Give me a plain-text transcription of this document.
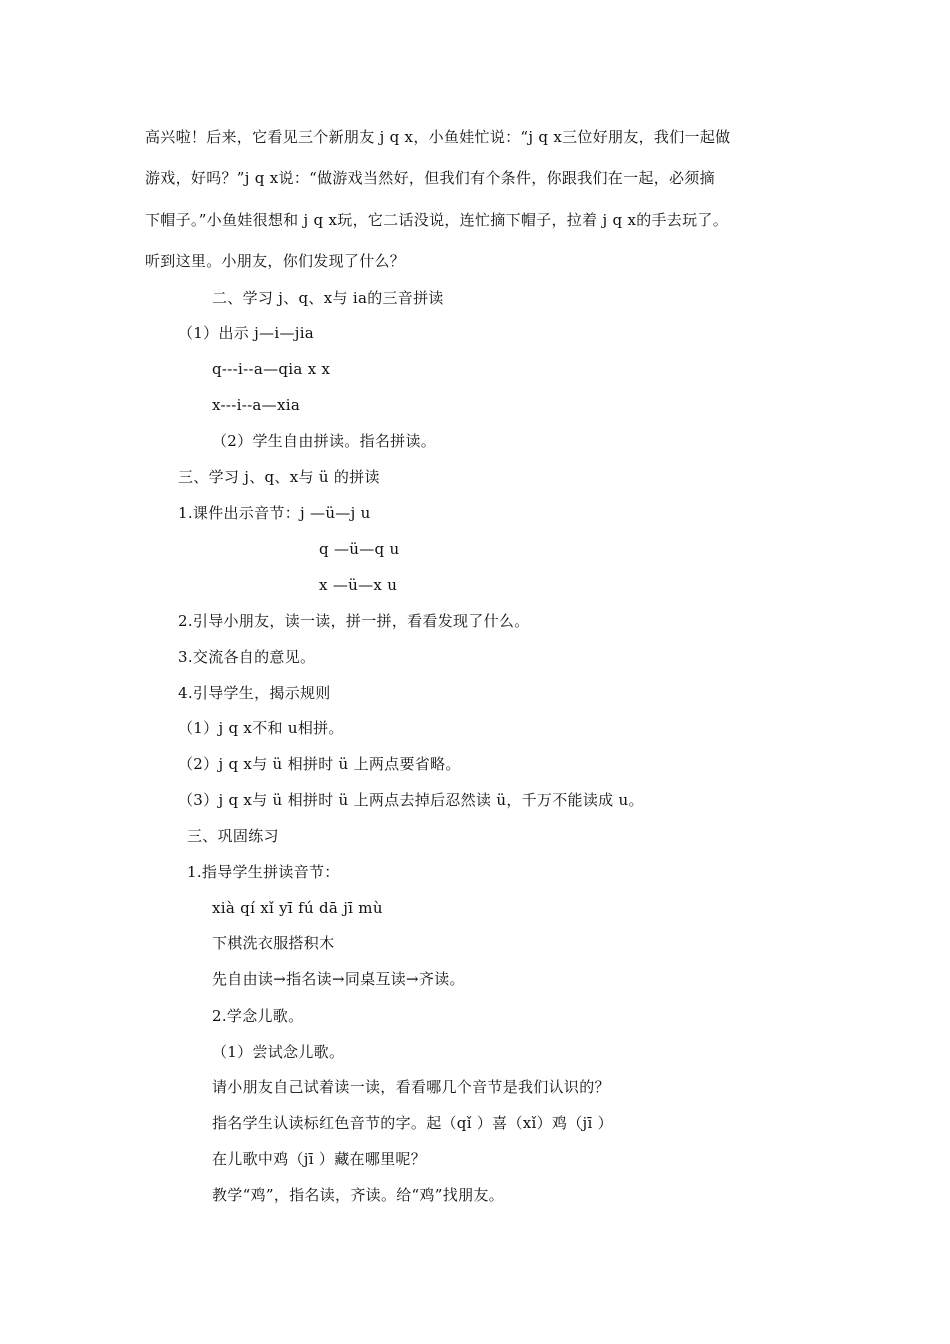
高兴啦！后来，它看见三个新朋友 j q x，小鱼娃忙说：“j q x三位好朋友，我们一起做
游戏，好吗？”j q x说：“做游戏当然好，但我们有个条件，你跟我们在一起，必须摘
下帽子。”小鱼娃很想和 j q x玩，它二话没说，连忙摘下帽子，拉着 j q x的手去玩了。
听到这里。小朋友，你们发现了什么？
二、学习 j、q、x与 ia的三音拼读
（1）出示 j—i—jia
q---i--a—qia x x
x---i--a—xia
（2）学生自由拼读。指名拼读。
三、学习 j、q、x与 ü 的拼读
1.课件出示音节：j —ü—j u
q —ü—q u
x —ü—x u
2.引导小朋友，读一读，拼一拼，看看发现了什么。
3.交流各自的意见。
4.引导学生，揭示规则
（1）j q x不和 u相拼。
（2）j q x与 ü 相拼时 ü 上两点要省略。
（3）j q x与 ü 相拼时 ü 上两点去掉后忍然读 ü，千万不能读成 u。
三、巩固练习
1.指导学生拼读音节：
xià qí xǐ yī fú dā jī mù
下棋洗衣服搭积木
先自由读→指名读→同桌互读→齐读。
2.学念儿歌。
（1）尝试念儿歌。
请小朋友自己试着读一读，看看哪几个音节是我们认识的？
指名学生认读标红色音节的字。起（qǐ ）喜（xǐ）鸡（jī ）
在儿歌中鸡（jī ）藏在哪里呢？
教学“鸡”，指名读，齐读。给“鸡”找朋友。
